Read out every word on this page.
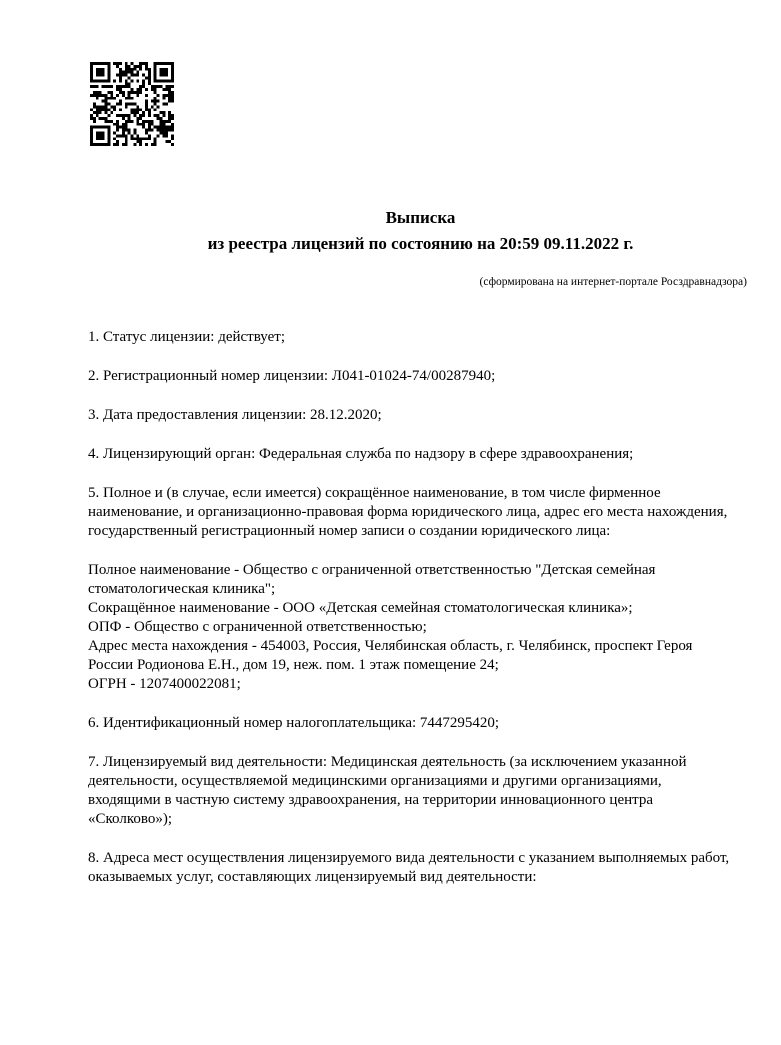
Выписка
из реестра лицензий по состоянию на 20:59 09.11.2022 г.
(сформирована на интернет-портале Росздравнадзора)

1. Статус лицензии: действует;

2. Регистрационный номер лицензии: Л041-01024-74/00287940;

3. Дата предоставления лицензии: 28.12.2020;

4. Лицензирующий орган: Федеральная служба по надзору в сфере здравоохранения;

5. Полное и (в случае, если имеется) сокращённое наименование, в том числе фирменное наименование, и организационно-правовая форма юридического лица, адрес его места нахождения, государственный регистрационный номер записи о создании юридического лица:

Полное наименование - Общество с ограниченной ответственностью "Детская семейная стоматологическая клиника";

Сокращённое наименование - ООО «Детская семейная стоматологическая клиника»;

ОПФ - Общество с ограниченной ответственностью;

Адрес места нахождения - 454003, Россия, Челябинская область, г. Челябинск, проспект Героя России Родионова Е.Н., дом 19, неж. пом. 1 этаж помещение 24;

ОГРН - 1207400022081;

6. Идентификационный номер налогоплательщика: 7447295420;

7. Лицензируемый вид деятельности: Медицинская деятельность (за исключением указанной деятельности, осуществляемой медицинскими организациями и другими организациями, входящими в частную систему здравоохранения, на территории инновационного центра «Сколково»);

8. Адреса мест осуществления лицензируемого вида деятельности с указанием выполняемых работ, оказываемых услуг, составляющих лицензируемый вид деятельности:
